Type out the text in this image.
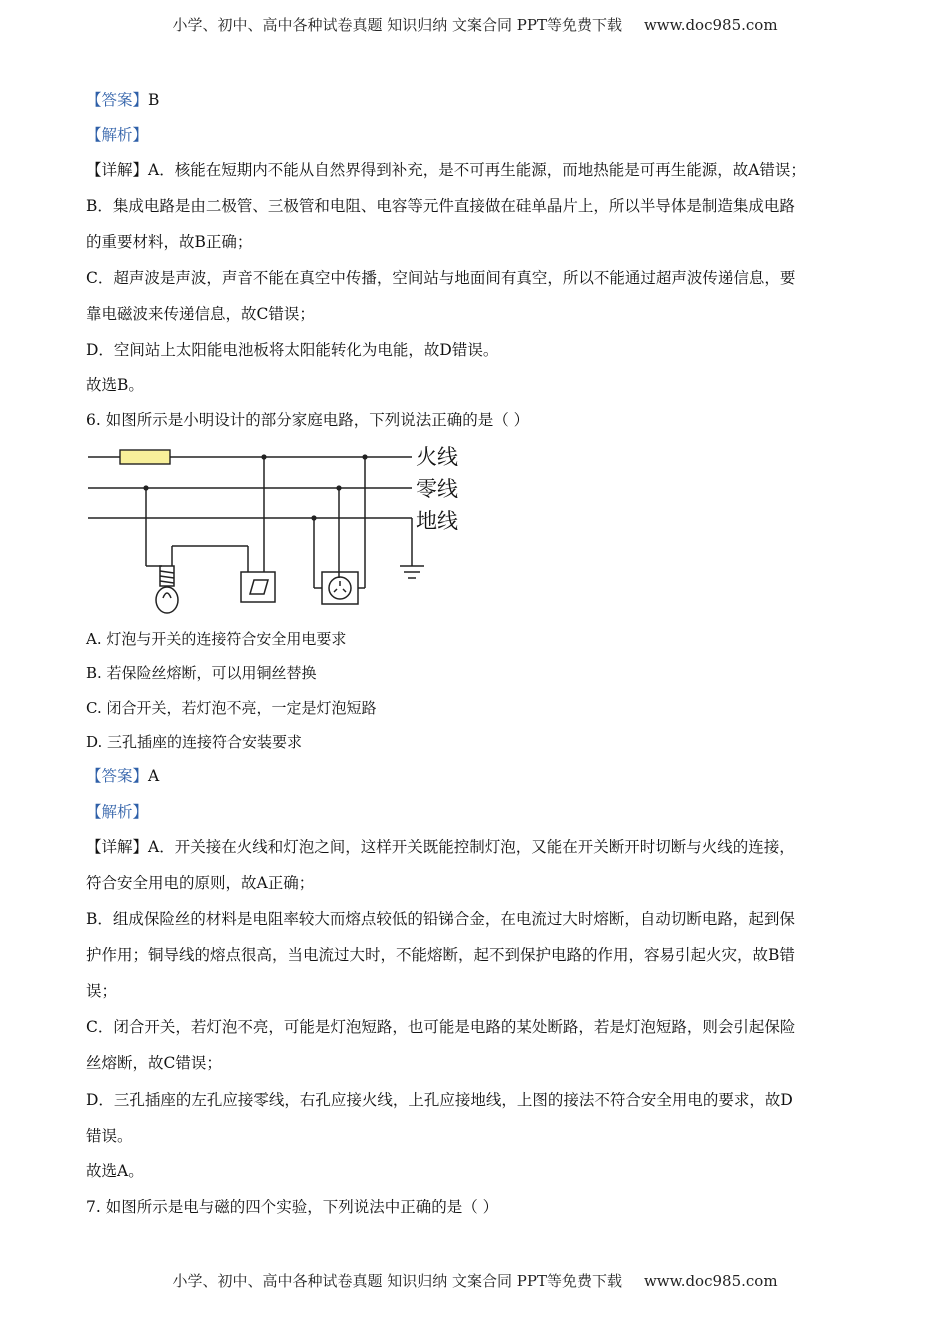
小学、初中、高中各种试卷真题 知识归纳 文案合同 PPT等免费下载 www.doc985.com
【答案】B
【解析】
【详解】A．核能在短期内不能从自然界得到补充，是不可再生能源，而地热能是可再生能源，故A错误；
B．集成电路是由二极管、三极管和电阻、电容等元件直接做在硅单晶片上，所以半导体是制造集成电路
的重要材料，故B正确；
C．超声波是声波，声音不能在真空中传播，空间站与地面间有真空，所以不能通过超声波传递信息，要
靠电磁波来传递信息，故C错误；
D．空间站上太阳能电池板将太阳能转化为电能，故D错误。
故选B。
6. 如图所示是小明设计的部分家庭电路，下列说法正确的是（ ）
火线
零线
地线
A. 灯泡与开关的连接符合安全用电要求
B. 若保险丝熔断，可以用铜丝替换
C. 闭合开关，若灯泡不亮，一定是灯泡短路
D. 三孔插座的连接符合安装要求
【答案】A
【解析】
【详解】A．开关接在火线和灯泡之间，这样开关既能控制灯泡，又能在开关断开时切断与火线的连接，
符合安全用电的原则，故A正确；
B．组成保险丝的材料是电阻率较大而熔点较低的铅锑合金，在电流过大时熔断，自动切断电路，起到保
护作用；铜导线的熔点很高，当电流过大时，不能熔断，起不到保护电路的作用，容易引起火灾，故B错
误；
C．闭合开关，若灯泡不亮，可能是灯泡短路，也可能是电路的某处断路，若是灯泡短路，则会引起保险
丝熔断，故C错误；
D．三孔插座的左孔应接零线，右孔应接火线，上孔应接地线，上图的接法不符合安全用电的要求，故D
错误。
故选A。
7. 如图所示是电与磁的四个实验，下列说法中正确的是（ ）
小学、初中、高中各种试卷真题 知识归纳 文案合同 PPT等免费下载 www.doc985.com
